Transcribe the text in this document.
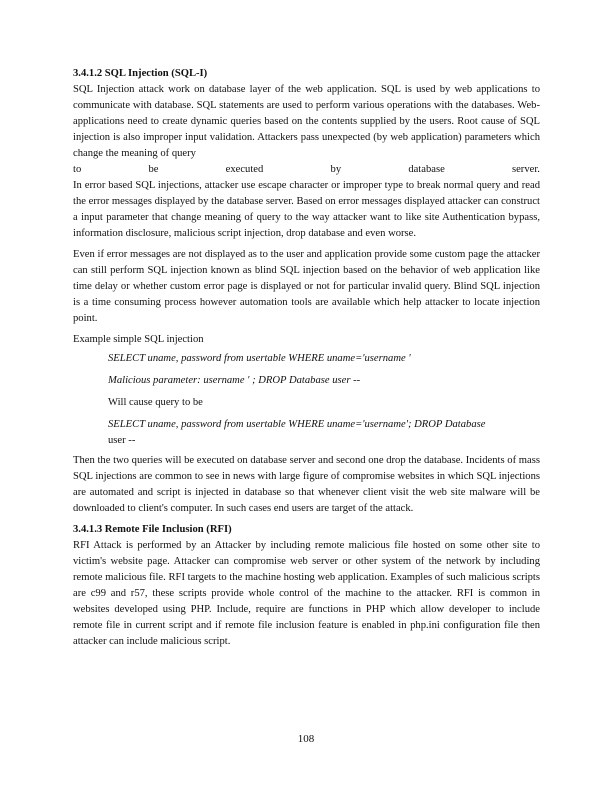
3.4.1.2 SQL Injection (SQL-I)

SQL Injection attack work on database layer of the web application. SQL is used by web applications to communicate with database. SQL statements are used to perform various operations with the databases. Web-applications need to create dynamic queries based on the contents supplied by the users. Root cause of SQL injection is also improper input validation. Attackers pass unexpected (by web application) parameters which change the meaning of query

to	be	executed	by	database	server.

In error based SQL injections, attacker use escape character or improper type to break normal query and read the error messages displayed by the database server. Based on error messages displayed attacker can construct a input parameter that change meaning of query to the way attacker want to like site Authentication bypass, information disclosure, malicious script injection, drop database and even worse.

Even if error messages are not displayed as to the user and application provide some custom page the attacker can still perform SQL injection known as blind SQL injection based on the behavior of web application like time delay or whether custom error page is displayed or not for particular invalid query. Blind SQL injection is a time consuming process however automation tools are available which help attacker to locate injection point.

Example simple SQL injection

SELECT uname, password from usertable WHERE uname='username '
Malicious parameter: username ' ; DROP Database user --
Will cause query to be
SELECT uname, password from usertable WHERE uname='username'; DROP Database
user --

Then the two queries will be executed on database server and second one drop the database. Incidents of mass SQL injections are common to see in news with large figure of compromise websites in which SQL injections are automated and script is injected in database so that whenever client visit the web site malware will be downloaded to client's computer. In such cases end users are target of the attack.

3.4.1.3 Remote File Inclusion (RFI)

RFI Attack is performed by an Attacker by including remote malicious file hosted on some other site to victim's website page. Attacker can compromise web server or other system of the network by including remote malicious file. RFI targets to the machine hosting web application. Examples of such malicious scripts are c99 and r57, these scripts provide whole control of the machine to the attacker. RFI is common in websites developed using PHP. Include, require are functions in PHP which allow developer to include remote file in current script and if remote file inclusion feature is enabled in php.ini configuration file then attacker can include malicious script.

108
